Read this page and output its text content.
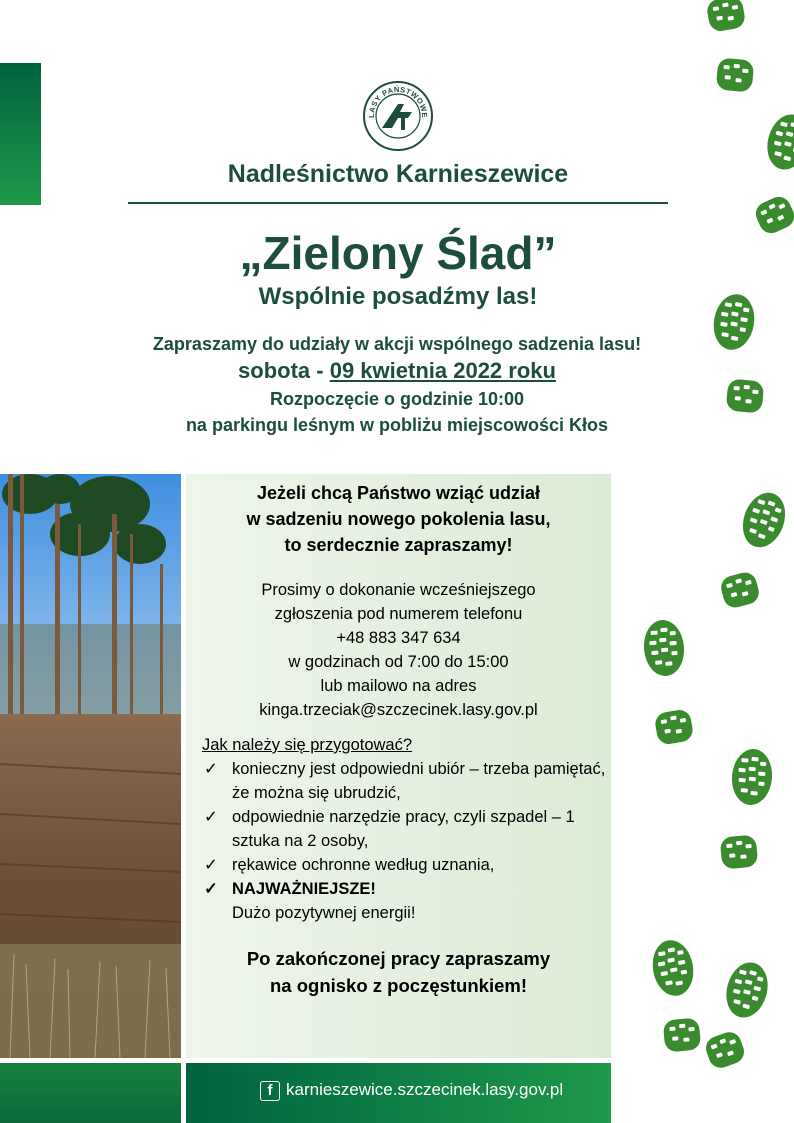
LASY PAŃSTWOWE
Nadleśnictwo Karnieszewice
„Zielony Ślad”
Wspólnie posadźmy las!
Zapraszamy do udziały w akcji wspólnego sadzenia lasu!
sobota - 09 kwietnia 2022 roku
Rozpoczęcie o godzinie 10:00
na parkingu leśnym w pobliżu miejscowości Kłos
Jeżeli chcą Państwo wziąć udział
w sadzeniu nowego pokolenia lasu,
to serdecznie zapraszamy!
Prosimy o dokonanie wcześniejszego
zgłoszenia pod numerem telefonu
+48 883 347 634
w godzinach od 7:00 do 15:00
lub mailowo na adres
kinga.trzeciak@szczecinek.lasy.gov.pl
Jak należy się przygotować?
✓ konieczny jest odpowiedni ubiór – trzeba pamiętać, że można się ubrudzić,
✓ odpowiednie narzędzie pracy, czyli szpadel – 1 sztuka na 2 osoby,
✓ rękawice ochronne według uznania,
✓ NAJWAŻNIEJSZE!
Dużo pozytywnej energii!
Po zakończonej pracy zapraszamy
na ognisko z poczęstunkiem!
f karnieszewice.szczecinek.lasy.gov.pl
